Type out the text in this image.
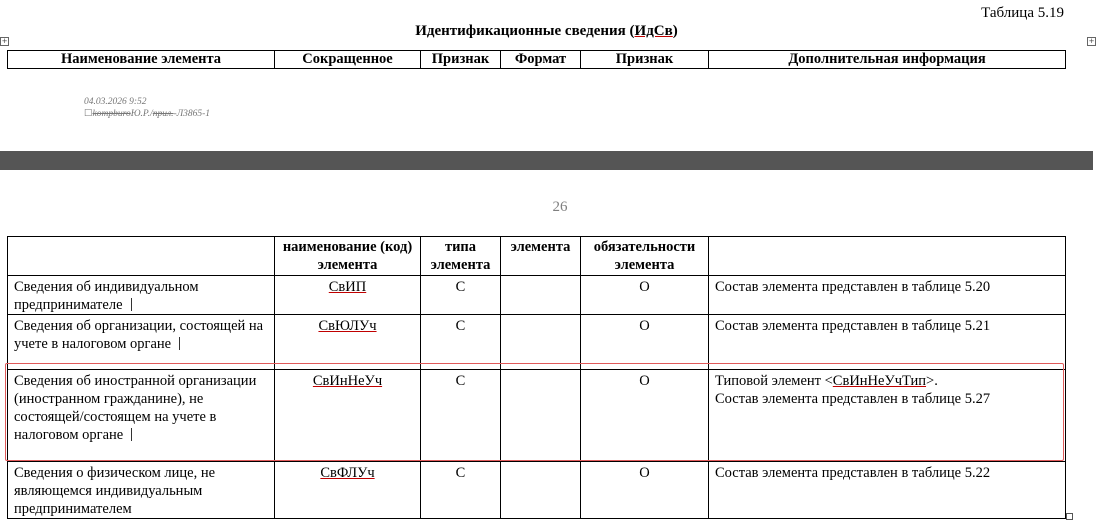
Таблица 5.19
Идентификационные сведения (ИдСв)
+	+
Наименование элемента	Сокращенное	Признак	Формат	Признак	Дополнительная информация
04.03.2026 9:52
☐kompburoЮ.Р./прил.-Л3865-1
26
	наименование (код) элемента	типа элемента	элемента	обязательности элемента	
Сведения об индивидуальном предпринимателе	СвИП	С		О	Состав элемента представлен в таблице 5.20
Сведения об организации, состоящей на учете в налоговом органе	СвЮЛУч	С		О	Состав элемента представлен в таблице 5.21
Сведения об иностранной организации (иностранном гражданине), не состоящей/состоящем на учете в налоговом органе	СвИнНеУч	С		О	Типовой элемент <СвИнНеУчТип>.
Состав элемента представлен в таблице 5.27
Сведения о физическом лице, не являющемся индивидуальным предпринимателем	СвФЛУч	С		О	Состав элемента представлен в таблице 5.22
